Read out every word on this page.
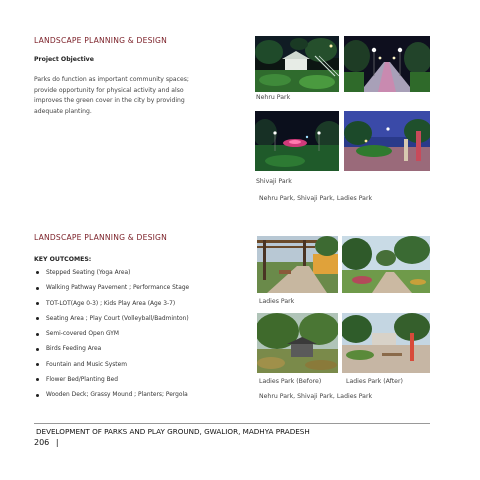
LANDSCAPE PLANNING & DESIGN
Project Objective
Parks do function as important community spaces;
provide opportunity for physical activity and also
improves the green cover in the city by providing
adequate planting.
Nehru Park
Shivaji Park
Nehru Park, Shivaji Park, Ladies Park
LANDSCAPE PLANNING & DESIGN
KEY OUTCOMES:
Stepped Seating (Yoga Area)
Walking Pathway Pavement ; Performance Stage
TOT-LOT(Age 0-3) ; Kids Play Area (Age 3-7)
Seating Area ; Play Court (Volleyball/Badminton)
Semi-covered Open GYM
Birds Feeding Area
Fountain and Music System
Flower Bed/Planting Bed
Wooden Deck; Grassy Mound ; Planters; Pergola
Ladies Park
Ladies Park (Before)	Ladies Park (After)
Nehru Park, Shivaji Park, Ladies Park
DEVELOPMENT OF PARKS AND PLAY GROUND, GWALIOR, MADHYA PRADESH
206 |
